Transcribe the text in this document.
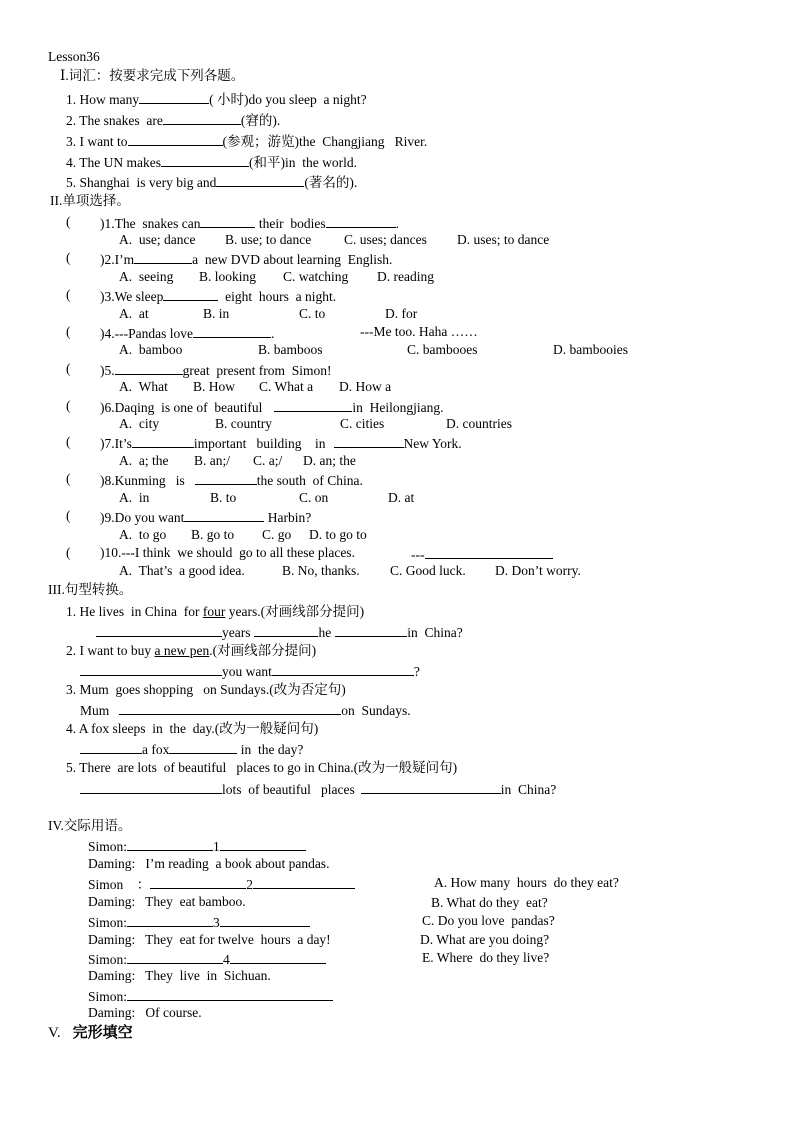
Lesson36
Ⅰ.词汇：按要求完成下列各题。
1. How many	( 小时)do you sleep  a night?
2. The snakes  are	(窘的).
3. I want to	(参观；游览)the  Changjiang   River.
4. The UN makes	(和平)in  the world.
5. Shanghai  is very big and	(著名的).
II.单项选择。
( )1.The  snakes can	their  bodies	.
A.  use; dance B. use; to dance C. uses; dances D. uses; to dance
( )2.I’m	a  new DVD about learning  English.
A.  seeing B. looking C. watching D. reading
( )3.We sleep	eight  hours  a night.
A.  at	B. in	C. to	D. for
( )4.---Pandas love	.	---Me too. Haha ……
A.  bamboo	B. bamboos	C. bambooes	D. bambooies
( )5.	great  present from  Simon!
A.  What B. How C. What a D. How a
( )6.Daqing  is one of  beautiful	in  Heilongjiang.
A.  city	B. country	C. cities	D. countries
( )7.It’s	important   building    in	New York.
A.  a; the B. an;/ C. a;/ D. an; the
( )8.Kunming   is	the south  of China.
A.  in	B. to	C. on	D. at
( )9.Do you want	Harbin?
A.  to go B. go to C. go D. to go to
( )10.---I think  we should  go to all these places.	---
A.  That’s  a good idea.	B. No, thanks. C. Good luck. D. Don’t worry.
III.句型转换。
1. He lives  in China  for four years.(对画线部分提问)
years	he	in  China?
2. I want to buy a new pen.(对画线部分提问)
you want	?
3. Mum  goes shopping   on Sundays.(改为否定句)
Mum	on  Sundays.
4. A fox sleeps  in  the  day.(改为一般疑问句)
a fox	in  the day?
5. There  are lots  of beautiful   places to go in China.(改为一般疑问句)
lots  of beautiful   places	in  China?
IV.交际用语。
Simon:	1
Daming:   I’m reading  a book about pandas.
Simon    ：	2
Daming:   They  eat bamboo.
Simon:	3
Daming:   They  eat for twelve  hours  a day!
Simon:	4
Daming:   They  live  in  Sichuan.
Simon:
Daming:   Of course.
A. How many  hours  do they eat?
B. What do they  eat?
C. Do you love  pandas?
D. What are you doing?
E. Where  do they live?
V. 完形填空
